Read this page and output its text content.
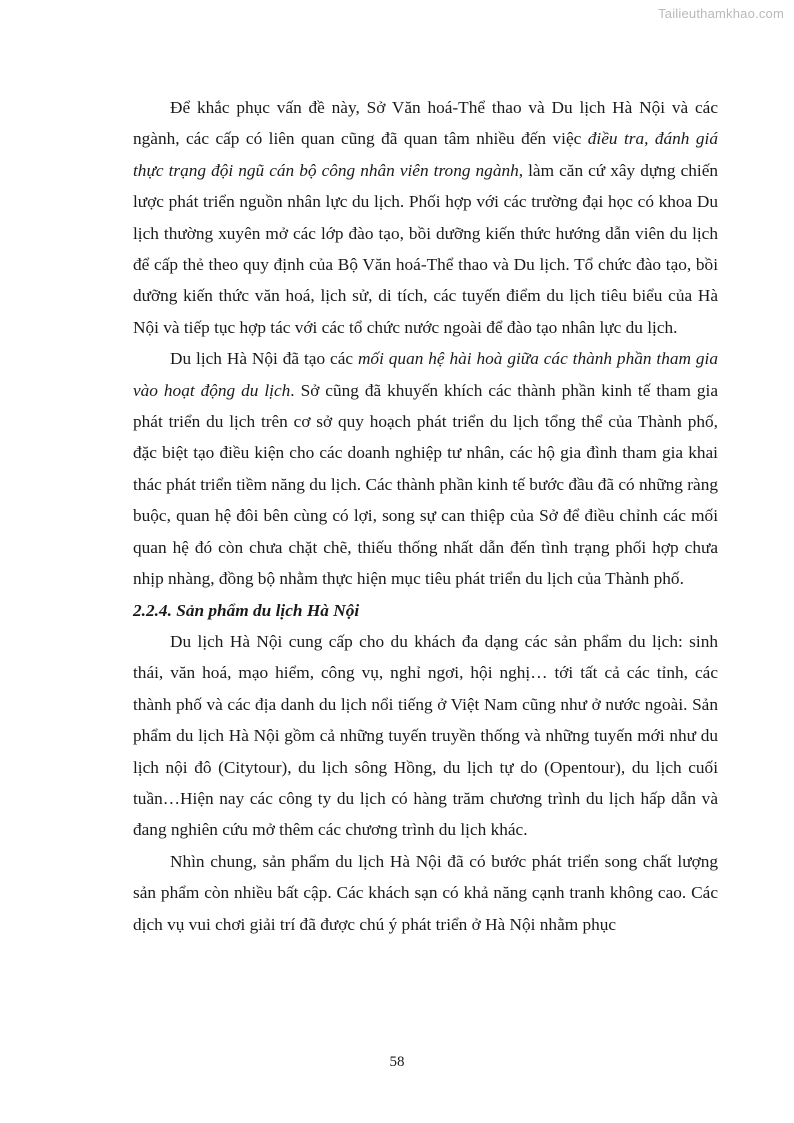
Tailieuthamkhao.com

Để khắc phục vấn đề này, Sở Văn hoá-Thể thao và Du lịch Hà Nội và các ngành, các cấp có liên quan cũng đã quan tâm nhiều đến việc điều tra, đánh giá thực trạng đội ngũ cán bộ công nhân viên trong ngành, làm căn cứ xây dựng chiến lược phát triển nguồn nhân lực du lịch. Phối hợp với các trường đại học có khoa Du lịch thường xuyên mở các lớp đào tạo, bồi dưỡng kiến thức hướng dẫn viên du lịch để cấp thẻ theo quy định của Bộ Văn hoá-Thể thao và Du lịch. Tổ chức đào tạo, bồi dưỡng kiến thức văn hoá, lịch sử, di tích, các tuyến điểm du lịch tiêu biểu của Hà Nội và tiếp tục hợp tác với các tổ chức nước ngoài để đào tạo nhân lực du lịch.

Du lịch Hà Nội đã tạo các mối quan hệ hài hoà giữa các thành phần tham gia vào hoạt động du lịch. Sở cũng đã khuyến khích các thành phần kinh tế tham gia phát triển du lịch trên cơ sở quy hoạch phát triển du lịch tổng thể của Thành phố, đặc biệt tạo điều kiện cho các doanh nghiệp tư nhân, các hộ gia đình tham gia khai thác phát triển tiềm năng du lịch. Các thành phần kinh tế bước đầu đã có những ràng buộc, quan hệ đôi bên cùng có lợi, song sự can thiệp của Sở để điều chỉnh các mối quan hệ đó còn chưa chặt chẽ, thiếu thống nhất dẫn đến tình trạng phối hợp chưa nhịp nhàng, đồng bộ nhằm thực hiện mục tiêu phát triển du lịch của Thành phố.

2.2.4. Sản phẩm du lịch Hà Nội

Du lịch Hà Nội cung cấp cho du khách đa dạng các sản phẩm du lịch: sinh thái, văn hoá, mạo hiểm, công vụ, nghỉ ngơi, hội nghị… tới tất cả các tỉnh, các thành phố và các địa danh du lịch nổi tiếng ở Việt Nam cũng như ở nước ngoài. Sản phẩm du lịch Hà Nội gồm cả những tuyến truyền thống và những tuyến mới như du lịch nội đô (Citytour), du lịch sông Hồng, du lịch tự do (Opentour), du lịch cuối tuần…Hiện nay các công ty du lịch có hàng trăm chương trình du lịch hấp dẫn và đang nghiên cứu mở thêm các chương trình du lịch khác.

Nhìn chung, sản phẩm du lịch Hà Nội đã có bước phát triển song chất lượng sản phẩm còn nhiều bất cập. Các khách sạn có khả năng cạnh tranh không cao. Các dịch vụ vui chơi giải trí đã được chú ý phát triển ở Hà Nội nhằm phục

58
